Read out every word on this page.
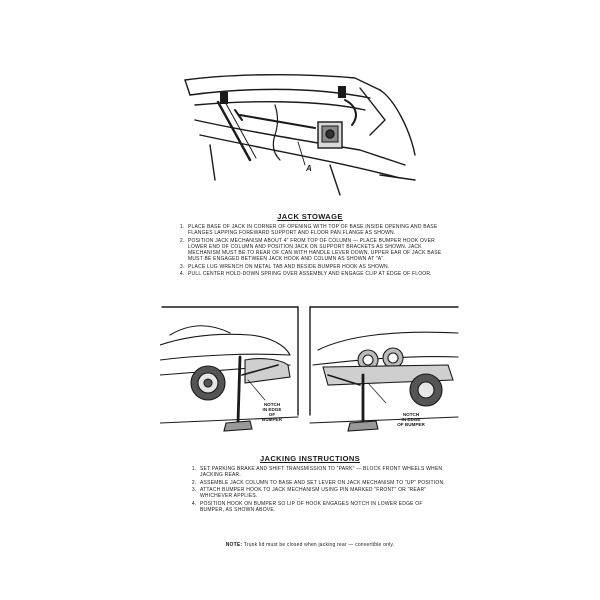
A
JACK STOWAGE
1. PLACE BASE OF JACK IN CORNER OF OPENING WITH TOP OF BASE INSIDE OPENING AND BASE FLANGES LAPPING FOREWARD SUPPORT AND FLOOR PAN FLANGE AS SHOWN.
2. POSITION JACK MECHANISM ABOUT 4" FROM TOP OF COLUMN — PLACE BUMPER HOOK OVER LOWER END OF COLUMN AND POSITION JACK ON SUPPORT BRACKETS AS SHOWN. JACK MECHANISM MUST BE TO REAR OF CAN WITH HANDLE LEVER DOWN. UPPER EAR OF JACK BASE MUST BE ENGAGED BETWEEN JACK HOOK AND COLUMN AS SHOWN AT "A".
3. PLACE LUG WRENCH ON METAL TAB AND BESIDE BUMPER HOOK AS SHOWN.
4. PULL CENTER HOLD-DOWN SPRING OVER ASSEMBLY AND ENGAGE CLIP AT EDGE OF FLOOR.
NOTCH
IN EDGE
OF
BUMPER
NOTCH
IN EDGE
OF BUMPER
JACKING INSTRUCTIONS
1. SET PARKING BRAKE AND SHIFT TRANSMISSION TO "PARK" — BLOCK FRONT WHEELS WHEN JACKING REAR.
2. ASSEMBLE JACK COLUMN TO BASE AND SET LEVER ON JACK MECHANISM TO "UP" POSITION.
3. ATTACH BUMPER HOOK TO JACK MECHANISM USING PIN MARKED "FRONT" OR "REAR" WHICHEVER APPLIES.
4. POSITION HOOK ON BUMPER SO LIP OF HOOK ENGAGES NOTCH IN LOWER EDGE OF BUMPER, AS SHOWN ABOVE.
NOTE: Trunk lid must be closed when jacking rear — convertible only.
